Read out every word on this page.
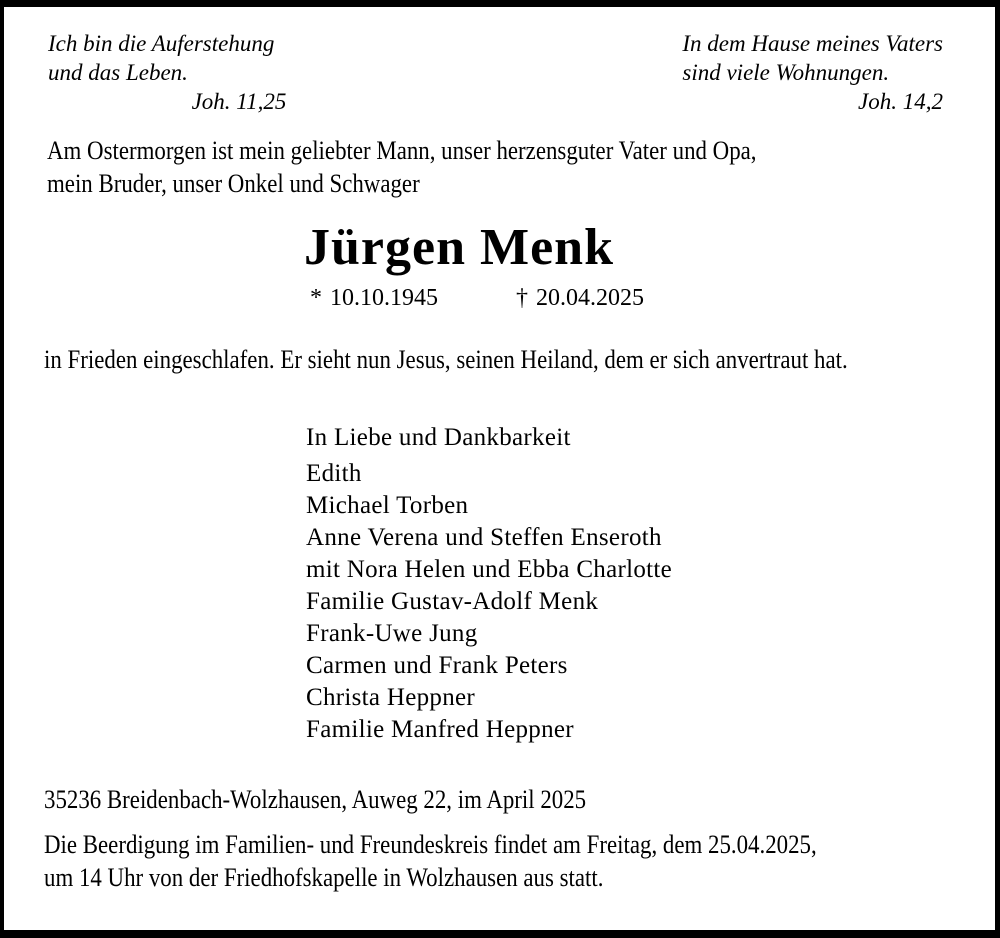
Ich bin die Auferstehung
und das Leben.
Joh. 11,25
In dem Hause meines Vaters
sind viele Wohnungen.
Joh. 14,2
Am Ostermorgen ist mein geliebter Mann, unser herzensguter Vater und Opa,
mein Bruder, unser Onkel und Schwager
Jürgen Menk
* 10.10.1945	† 20.04.2025
in Frieden eingeschlafen. Er sieht nun Jesus, seinen Heiland, dem er sich anvertraut hat.
In Liebe und Dankbarkeit
Edith
Michael Torben
Anne Verena und Steffen Enseroth
mit Nora Helen und Ebba Charlotte
Familie Gustav-Adolf Menk
Frank-Uwe Jung
Carmen und Frank Peters
Christa Heppner
Familie Manfred Heppner
35236 Breidenbach-Wolzhausen, Auweg 22, im April 2025
Die Beerdigung im Familien- und Freundeskreis findet am Freitag, dem 25.04.2025,
um 14 Uhr von der Friedhofskapelle in Wolzhausen aus statt.
